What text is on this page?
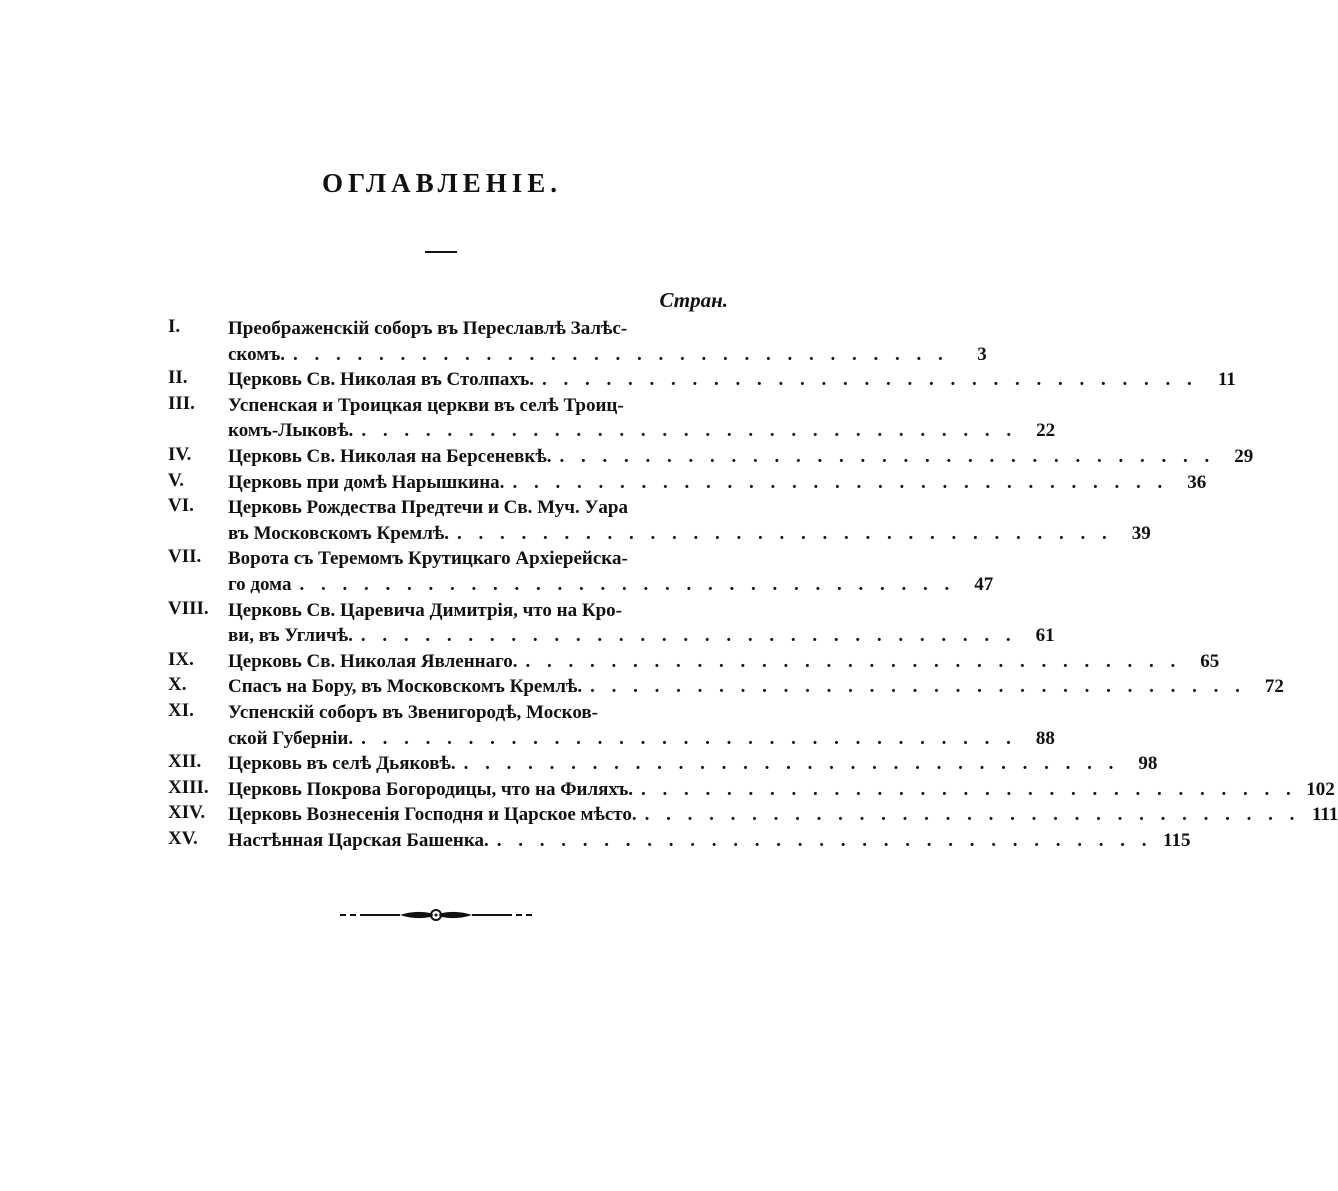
ОГЛАВЛЕНІЕ.
Стран.
I.	Преображенскій соборъ въ Переславлѣ Залѣс-
скомъ. . . . . . . . . . . . . . . . . . . . . . . . . . . . . . . .	3
II.	Церковь Св. Николая въ Столпахъ. . . . . . . . . . . . . . . . . . . . . . . . . . . . . . . .	11
III.	Успенская и Троицкая церкви въ селѣ Троиц-
комъ-Лыковѣ. . . . . . . . . . . . . . . . . . . . . . . . . . . . . . . .	22
IV.	Церковь Св. Николая на Берсеневкѣ. . . . . . . . . . . . . . . . . . . . . . . . . . . . . . . .	29
V.	Церковь при домѣ Нарышкина. . . . . . . . . . . . . . . . . . . . . . . . . . . . . . . .	36
VI.	Церковь Рождества Предтечи и Св. Муч. Уара
въ Московскомъ Кремлѣ. . . . . . . . . . . . . . . . . . . . . . . . . . . . . . . .	39
VII.	Ворота съ Теремомъ Крутицкаго Архіерейска-
го дома . . . . . . . . . . . . . . . . . . . . . . . . . . . . . . .	47
VIII.	Церковь Св. Царевича Димитрія, что на Кро-
ви, въ Угличѣ. . . . . . . . . . . . . . . . . . . . . . . . . . . . . . . .	61
IX.	Церковь Св. Николая Явленнаго. . . . . . . . . . . . . . . . . . . . . . . . . . . . . . . .	65
X.	Спасъ на Бору, въ Московскомъ Кремлѣ. . . . . . . . . . . . . . . . . . . . . . . . . . . . . . . .	72
XI.	Успенскій соборъ въ Звенигородѣ, Москов-
ской Губерніи. . . . . . . . . . . . . . . . . . . . . . . . . . . . . . . .	88
XII.	Церковь въ селѣ Дьяковѣ. . . . . . . . . . . . . . . . . . . . . . . . . . . . . . . .	98
XIII.	Церковь Покрова Богородицы, что на Филяхъ. . . . . . . . . . . . . . . . . . . . . . . . . . . . . . . . 102
XIV.	Церковь Вознесенія Господня и Царское мѣсто. . . . . . . . . . . . . . . . . . . . . . . . . . . . . . . . 111
XV.	Настѣнная Царская Башенка. . . . . . . . . . . . . . . . . . . . . . . . . . . . . . . . 115
